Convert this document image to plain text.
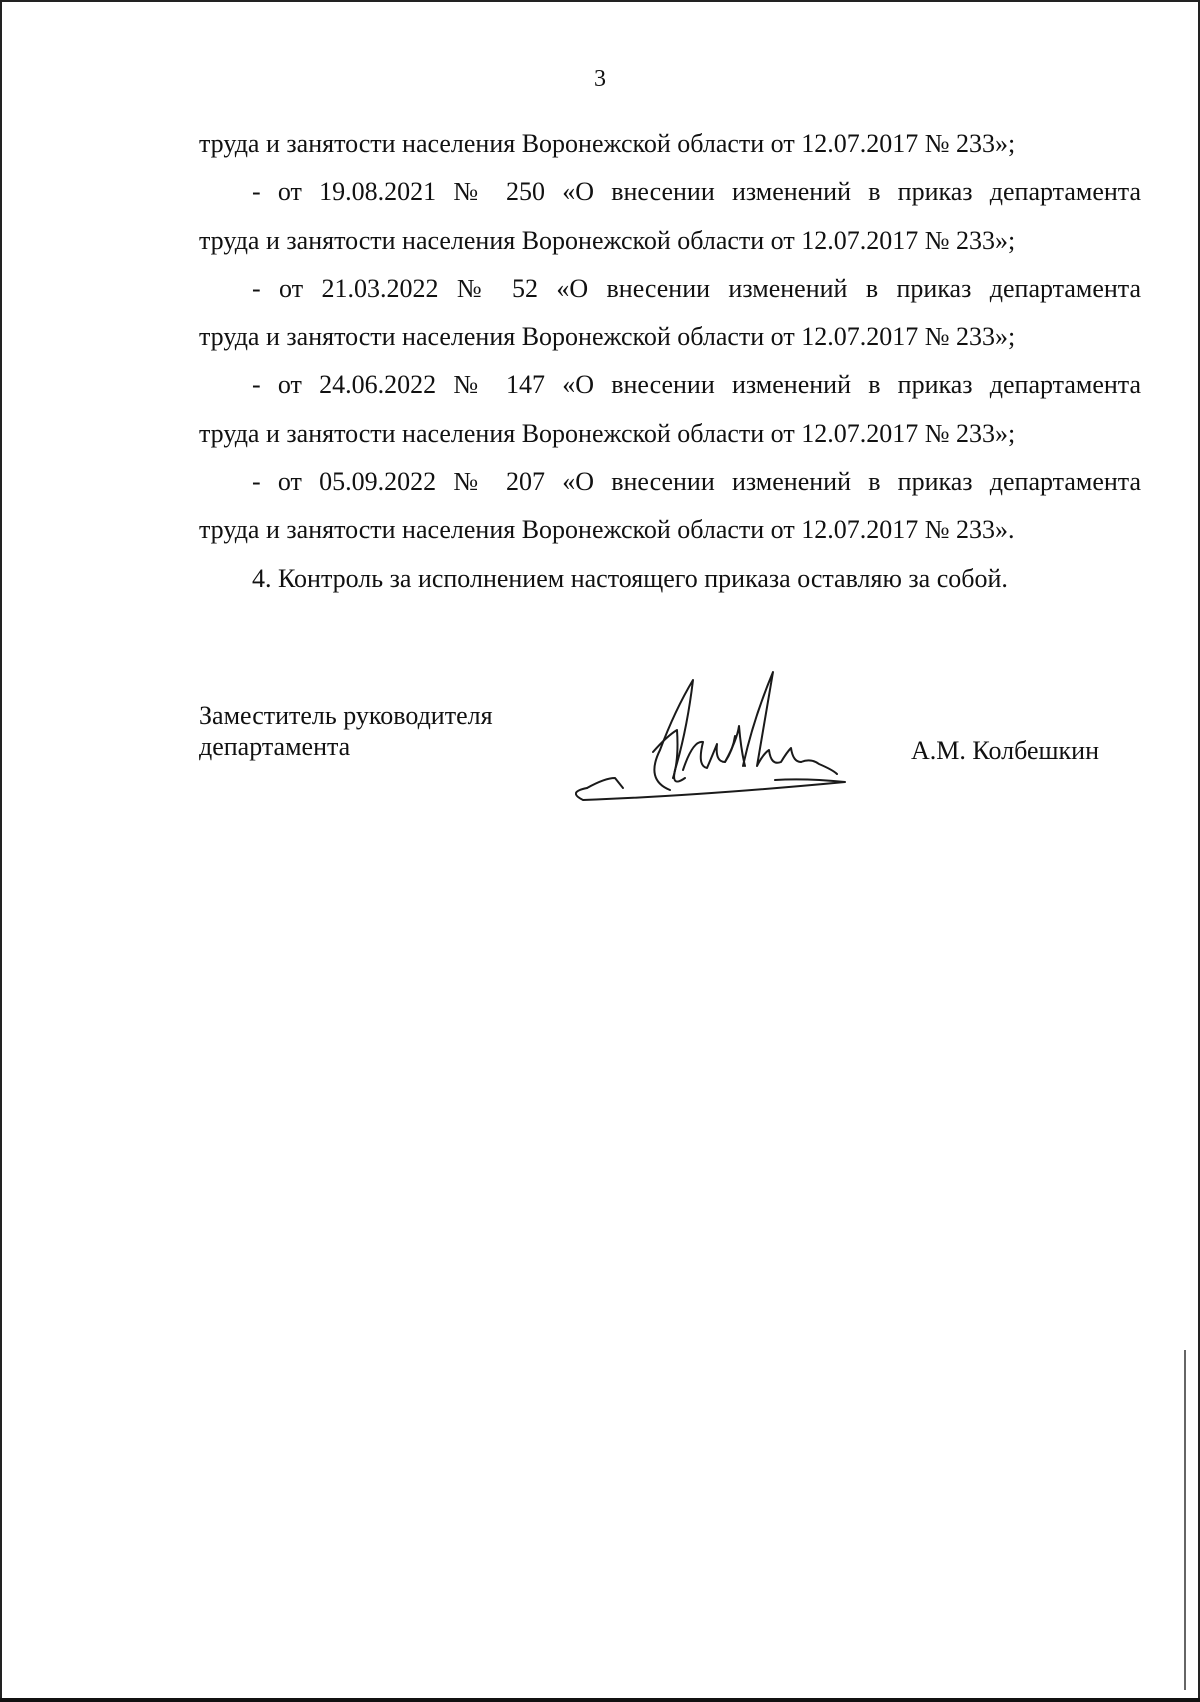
3
труда и занятости населения Воронежской области от 12.07.2017 № 233»;
- от 19.08.2021 № 250 «О внесении изменений в приказ департамента
труда и занятости населения Воронежской области от 12.07.2017 № 233»;
- от 21.03.2022 № 52 «О внесении изменений в приказ департамента
труда и занятости населения Воронежской области от 12.07.2017 № 233»;
- от 24.06.2022 № 147 «О внесении изменений в приказ департамента
труда и занятости населения Воронежской области от 12.07.2017 № 233»;
- от 05.09.2022 № 207 «О внесении изменений в приказ департамента
труда и занятости населения Воронежской области от 12.07.2017 № 233».
4. Контроль за исполнением настоящего приказа оставляю за собой.
Заместитель руководителя
департамента	А.М. Колбешкин
